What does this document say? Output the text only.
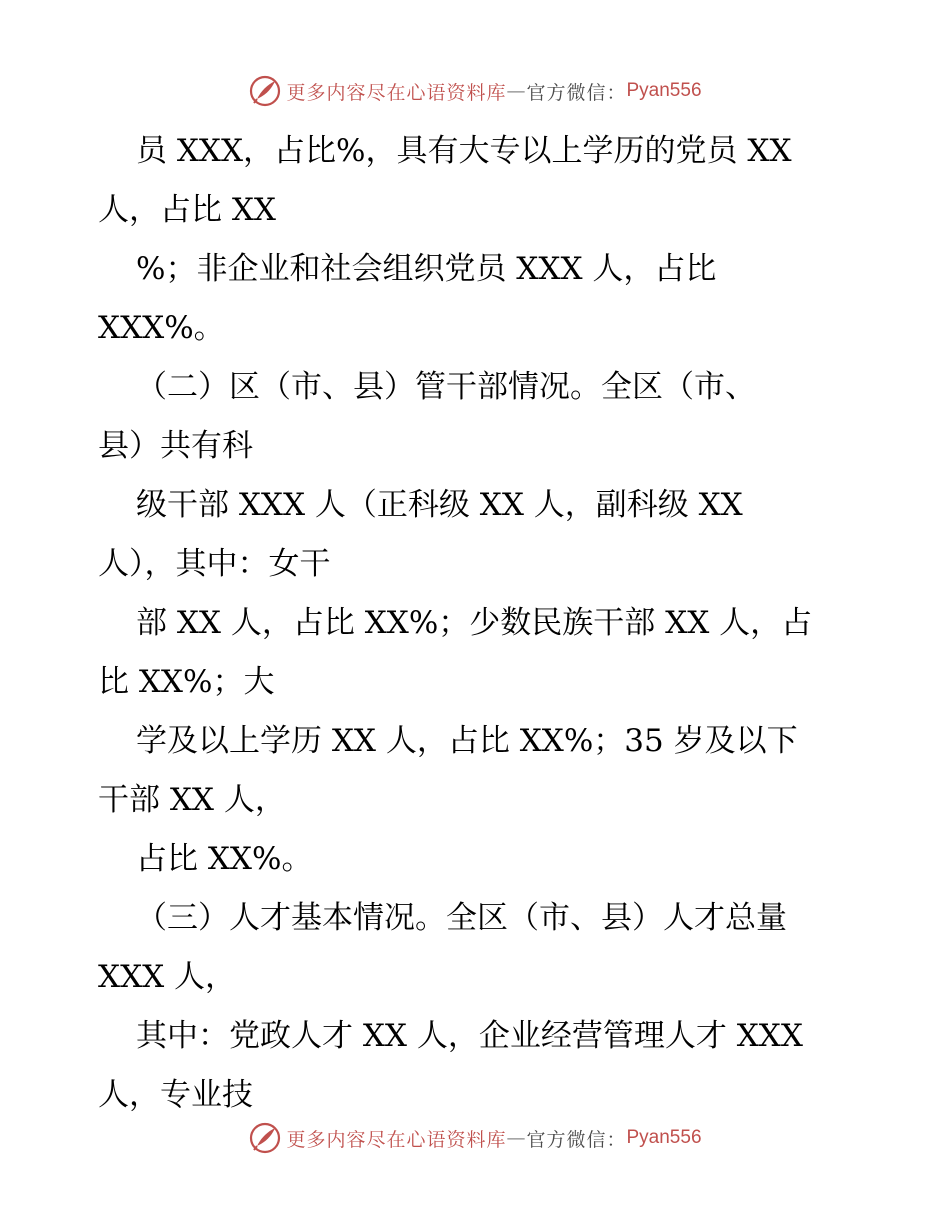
更多内容尽在心语资料库 — 官方微信： Pyan556
员 XXX，占比%，具有大专以上学历的党员 XX
人，占比 XX
%；非企业和社会组织党员 XXX 人，占比
XXX%。
（二）区（市、县）管干部情况。全区（市、
县）共有科
级干部 XXX 人（正科级 XX 人，副科级 XX
人），其中：女干
部 XX 人，占比 XX%；少数民族干部 XX 人，占
比 XX%；大
学及以上学历 XX 人，占比 XX%；35 岁及以下
干部 XX 人，
占比 XX%。
（三）人才基本情况。全区（市、县）人才总量
XXX 人，
其中：党政人才 XX 人，企业经营管理人才 XXX
人，专业技
更多内容尽在心语资料库 — 官方微信： Pyan556
